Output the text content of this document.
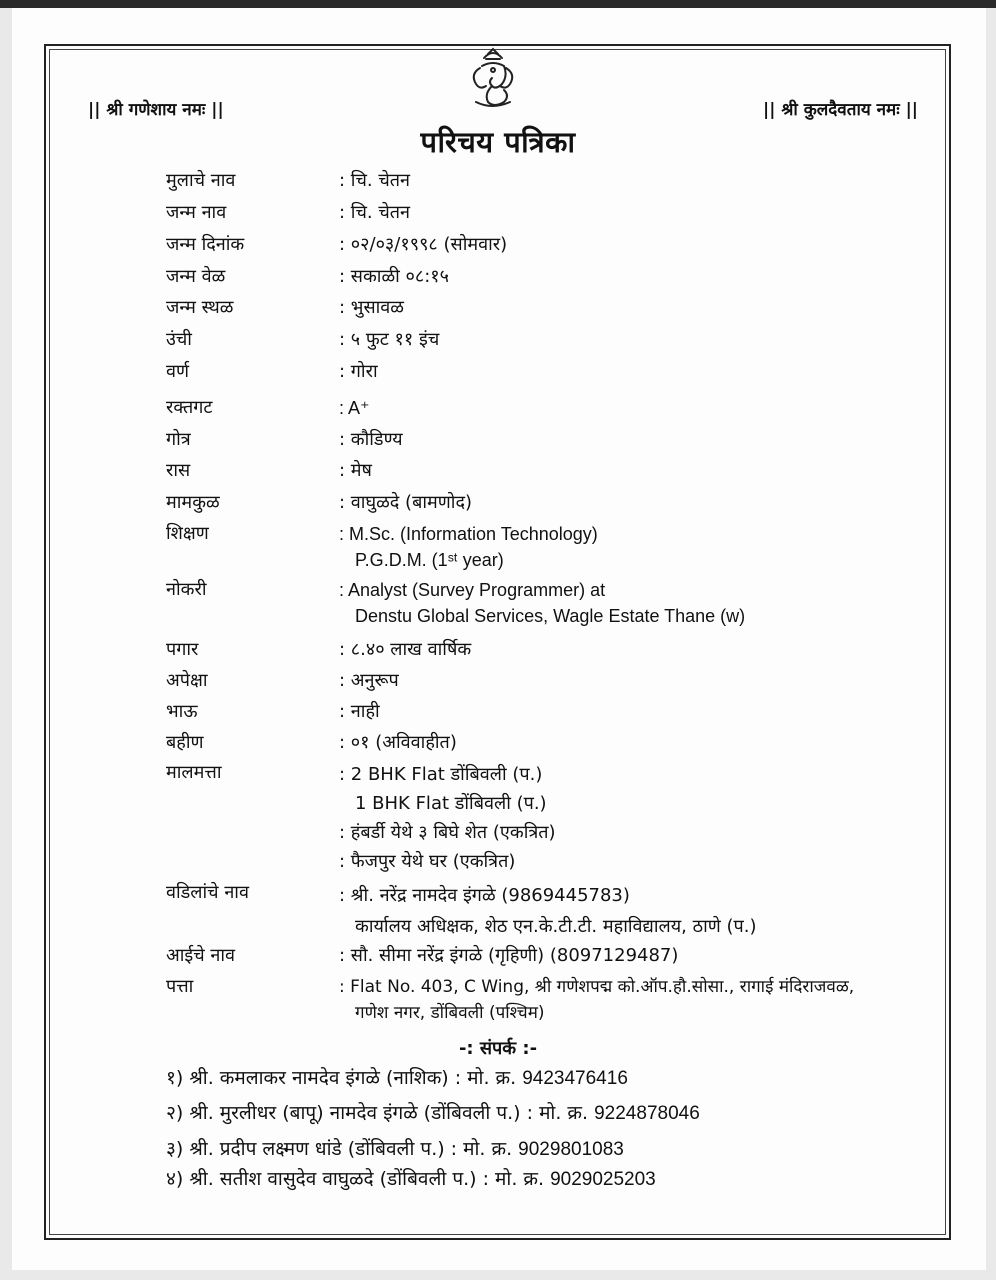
|| श्री गणेशाय नमः ||	|| श्री कुलदैवताय नमः ||
परिचय पत्रिका
मुलाचे नाव	: चि. चेतन
जन्म नाव	: चि. चेतन
जन्म दिनांक	: ०२/०३/१९९८ (सोमवार)
जन्म वेळ	: सकाळी ०८:१५
जन्म स्थळ	: भुसावळ
उंची	: ५ फुट ११ इंच
वर्ण	: गोरा
रक्तगट	: A⁺
गोत्र	: कौडिण्य
रास	: मेष
मामकुळ	: वाघुळदे (बामणोद)
शिक्षण	: M.Sc. (Information Technology)
P.G.D.M. (1ˢᵗ year)
नोकरी	: Analyst (Survey Programmer) at
Denstu Global Services, Wagle Estate Thane (w)
पगार	: ८.४० लाख वार्षिक
अपेक्षा	: अनुरूप
भाऊ	: नाही
बहीण	: ०१ (अविवाहीत)
मालमत्ता	: 2 BHK Flat डोंबिवली (प.)
1 BHK Flat डोंबिवली (प.)
: हंबर्डी येथे ३ बिघे शेत (एकत्रित)
: फैजपुर येथे घर (एकत्रित)
वडिलांचे नाव	: श्री. नरेंद्र नामदेव इंगळे (9869445783)
कार्यालय अधिक्षक, शेठ एन.के.टी.टी. महाविद्यालय, ठाणे (प.)
आईचे नाव	: सौ. सीमा नरेंद्र इंगळे (गृहिणी) (8097129487)
पत्ता	: Flat No. 403, C Wing, श्री गणेशपद्म को.ऑप.हौ.सोसा., रागाई मंदिराजवळ,
गणेश नगर, डोंबिवली (पश्चिम)
-: संपर्क :-
१) श्री. कमलाकर नामदेव इंगळे (नाशिक) : मो. क्र. 9423476416
२) श्री. मुरलीधर (बापू) नामदेव इंगळे (डोंबिवली प.) : मो. क्र. 9224878046
३) श्री. प्रदीप लक्ष्मण धांडे (डोंबिवली प.) : मो. क्र. 9029801083
४) श्री. सतीश वासुदेव वाघुळदे (डोंबिवली प.) : मो. क्र. 9029025203
